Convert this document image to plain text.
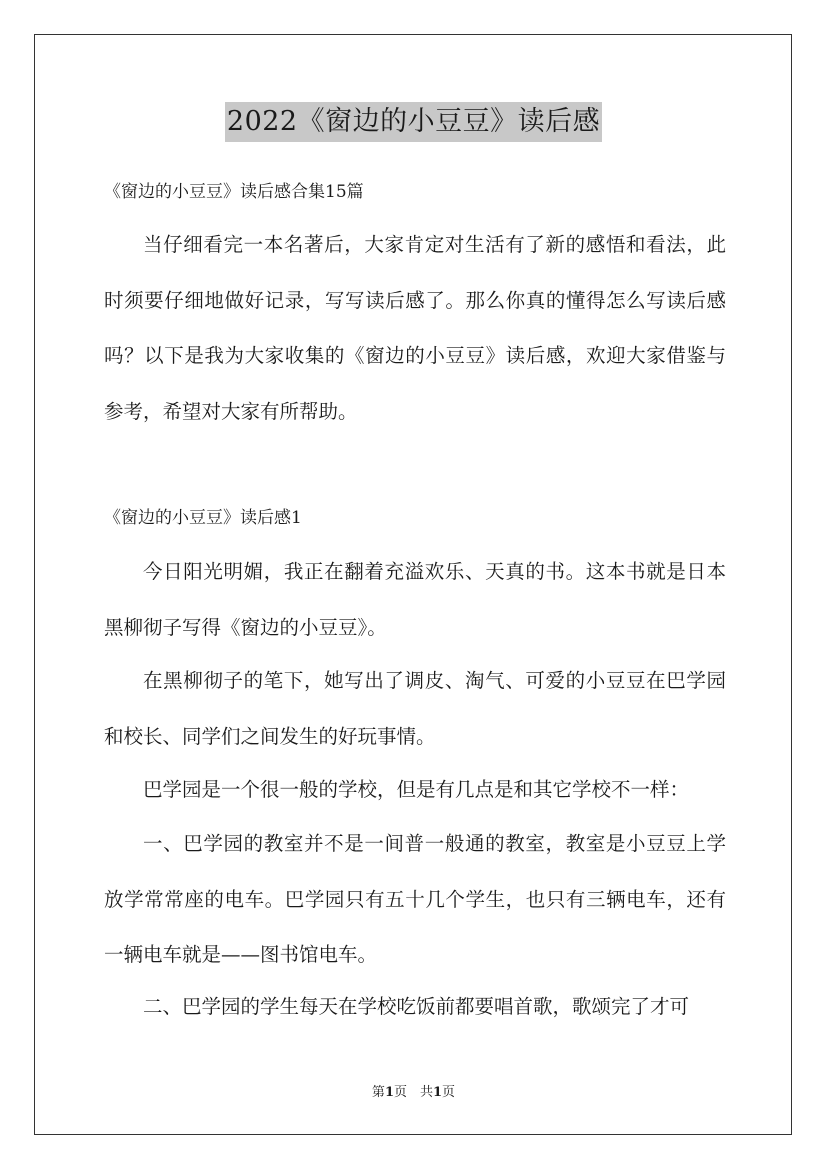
2022《窗边的小豆豆》读后感
《窗边的小豆豆》读后感合集15篇

当仔细看完一本名著后，大家肯定对生活有了新的感悟和看法，此时须要仔细地做好记录，写写读后感了。那么你真的懂得怎么写读后感吗？以下是我为大家收集的《窗边的小豆豆》读后感，欢迎大家借鉴与参考，希望对大家有所帮助。

《窗边的小豆豆》读后感1

今日阳光明媚，我正在翻着充溢欢乐、天真的书。这本书就是日本黑柳彻子写得《窗边的小豆豆》。

在黑柳彻子的笔下，她写出了调皮、淘气、可爱的小豆豆在巴学园和校长、同学们之间发生的好玩事情。

巴学园是一个很一般的学校，但是有几点是和其它学校不一样：

一、巴学园的教室并不是一间普一般通的教室，教室是小豆豆上学放学常常座的电车。巴学园只有五十几个学生，也只有三辆电车，还有一辆电车就是——图书馆电车。

二、巴学园的学生每天在学校吃饭前都要唱首歌，歌颂完了才可

第1页　共1页
